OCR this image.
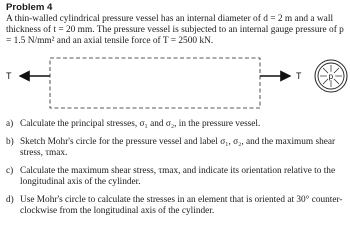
Problem 4
A thin-walled cylindrical pressure vessel has an internal diameter of d = 2 m and a wall thickness of t = 20 mm. The pressure vessel is subjected to an internal gauge pressure of p = 1.5 N/mm² and an axial tensile force of T = 2500 kN.
T	T	p
a) Calculate the principal stresses, σ₁ and σ₂, in the pressure vessel.
b) Sketch Mohr's circle for the pressure vessel and label σ₁, σ₂, and the maximum shear stress, τmax.
c) Calculate the maximum shear stress, τmax, and indicate its orientation relative to the longitudinal axis of the cylinder.
d) Use Mohr's circle to calculate the stresses in an element that is oriented at 30° counter-clockwise from the longitudinal axis of the cylinder.
